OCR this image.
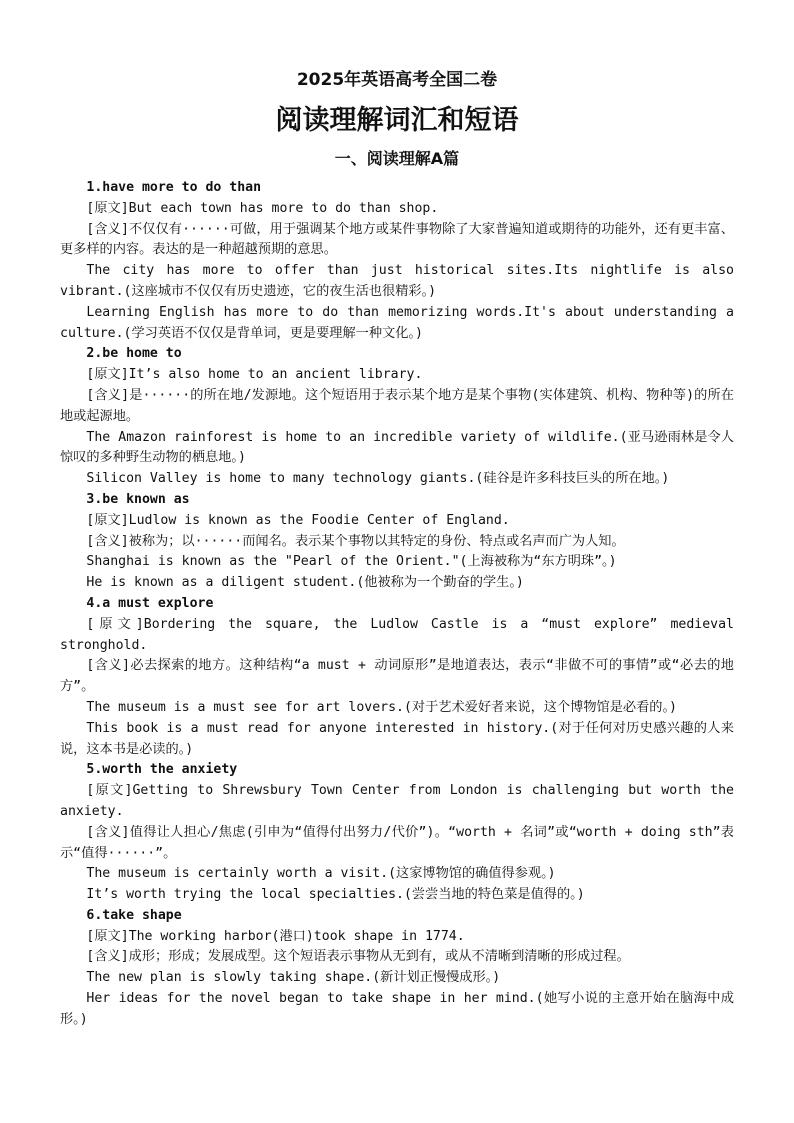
2025年英语高考全国二卷
阅读理解词汇和短语
一、阅读理解A篇
1.have more to do than

[原文]But each town has more to do than shop.

[含义]不仅仅有······可做，用于强调某个地方或某件事物除了大家普遍知道或期待的功能外，还有更丰富、更多样的内容。表达的是一种超越预期的意思。

The city has more to offer than just historical sites.Its nightlife is also vibrant.(这座城市不仅仅有历史遗迹，它的夜生活也很精彩。)

Learning English has more to do than memorizing words.It's about understanding a culture.(学习英语不仅仅是背单词，更是要理解一种文化。)

2.be home to

[原文]It’s also home to an ancient library.

[含义]是······的所在地/发源地。这个短语用于表示某个地方是某个事物(实体建筑、机构、物种等)的所在地或起源地。

The Amazon rainforest is home to an incredible variety of wildlife.(亚马逊雨林是令人惊叹的多种野生动物的栖息地。)

Silicon Valley is home to many technology giants.(硅谷是许多科技巨头的所在地。)

3.be known as

[原文]Ludlow is known as the Foodie Center of England.

[含义]被称为；以······而闻名。表示某个事物以其特定的身份、特点或名声而广为人知。

Shanghai is known as the "Pearl of the Orient."(上海被称为“东方明珠”。)

He is known as a diligent student.(他被称为一个勤奋的学生。)

4.a must explore

[原文]Bordering the square, the Ludlow Castle is a “must explore” medieval stronghold.

[含义]必去探索的地方。这种结构“a must + 动词原形”是地道表达，表示“非做不可的事情”或“必去的地方”。

The museum is a must see for art lovers.(对于艺术爱好者来说，这个博物馆是必看的。)

This book is a must read for anyone interested in history.(对于任何对历史感兴趣的人来说，这本书是必读的。)

5.worth the anxiety

[原文]Getting to Shrewsbury Town Center from London is challenging but worth the anxiety.

[含义]值得让人担心/焦虑(引申为“值得付出努力/代价”)。“worth + 名词”或“worth + doing sth”表示“值得······”。

The museum is certainly worth a visit.(这家博物馆的确值得参观。)

It’s worth trying the local specialties.(尝尝当地的特色菜是值得的。)

6.take shape

[原文]The working harbor(港口)took shape in 1774.

[含义]成形；形成；发展成型。这个短语表示事物从无到有，或从不清晰到清晰的形成过程。

The new plan is slowly taking shape.(新计划正慢慢成形。)

Her ideas for the novel began to take shape in her mind.(她写小说的主意开始在脑海中成形。)
